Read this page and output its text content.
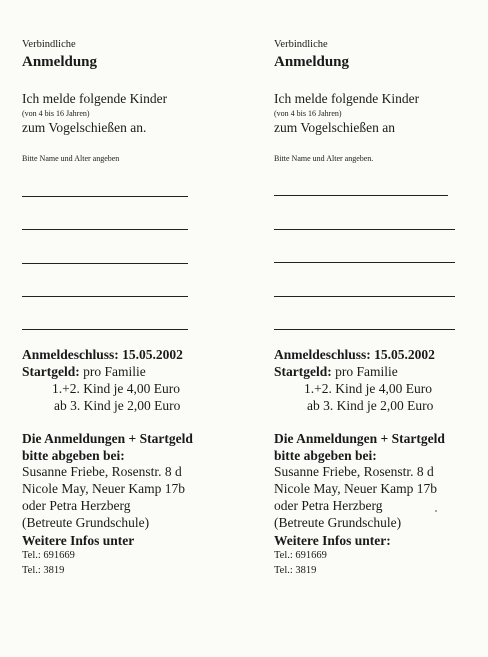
Verbindliche
Anmeldung
Ich melde folgende Kinder
(von 4 bis 16 Jahren)
zum Vogelschießen an.
Bitte Name und Alter angeben
Anmeldeschluss: 15.05.2002
Startgeld: pro Familie
1.+2. Kind je 4,00 Euro
ab 3. Kind je 2,00 Euro
Die Anmeldungen + Startgeld
bitte abgeben bei:
Susanne Friebe, Rosenstr. 8 d
Nicole May, Neuer Kamp 17b
oder Petra Herzberg
(Betreute Grundschule)
Weitere Infos unter
Tel.: 691669
Tel.: 3819
Verbindliche
Anmeldung
Ich melde folgende Kinder
(von 4 bis 16 Jahren)
zum Vogelschießen an
Bitte Name und Alter angeben.
Anmeldeschluss: 15.05.2002
Startgeld: pro Familie
1.+2. Kind je 4,00 Euro
ab 3. Kind je 2,00 Euro
Die Anmeldungen + Startgeld
bitte abgeben bei:
Susanne Friebe, Rosenstr. 8 d
Nicole May, Neuer Kamp 17b
oder Petra Herzberg
(Betreute Grundschule)
Weitere Infos unter:
Tel.: 691669
Tel.: 3819
